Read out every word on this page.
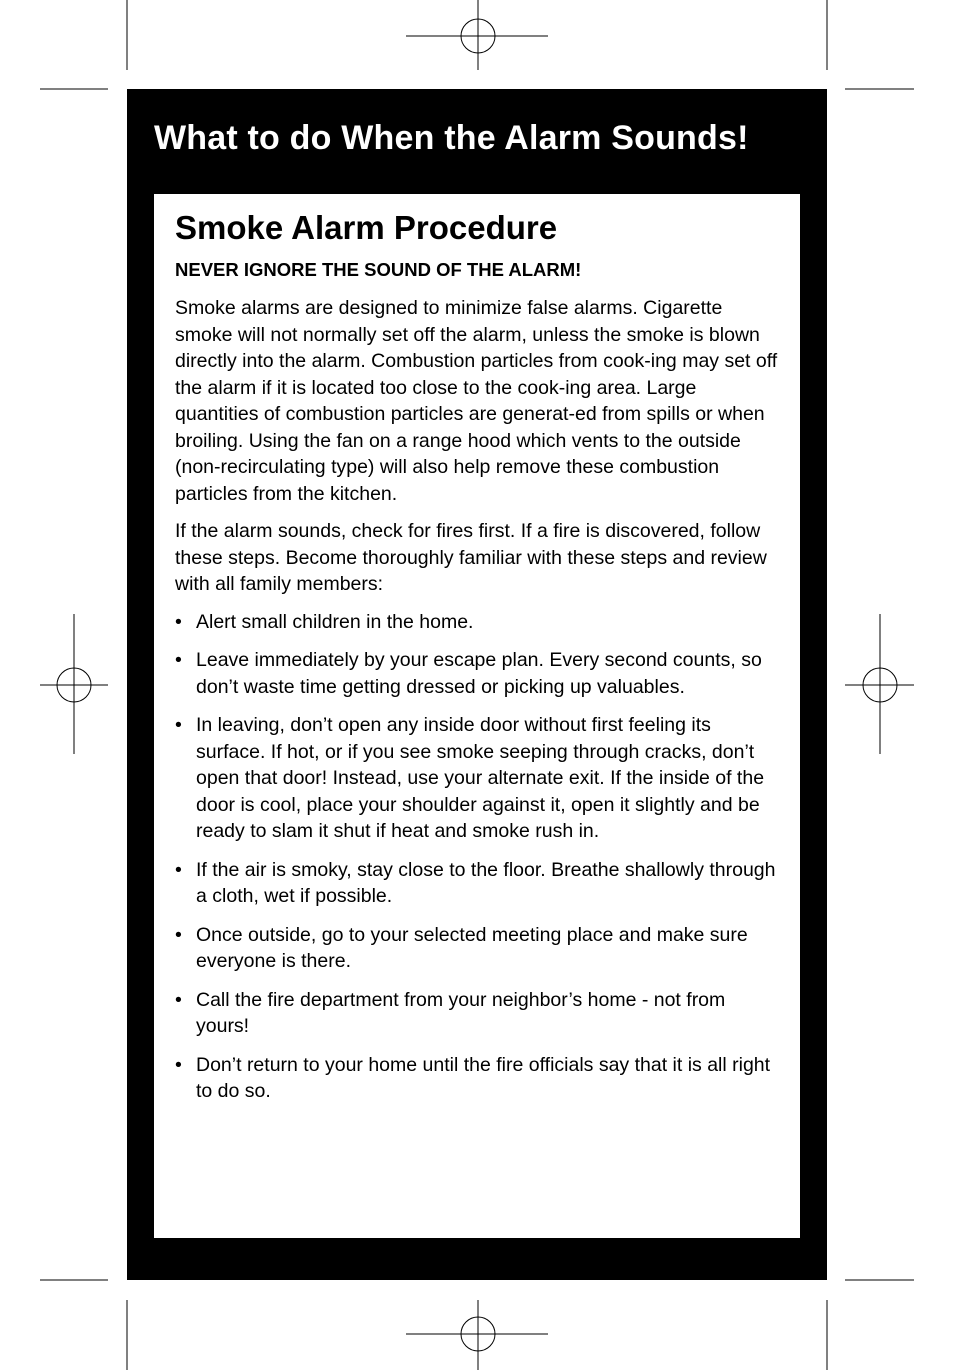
What to do When the Alarm Sounds!
Smoke Alarm Procedure

NEVER IGNORE THE SOUND OF THE ALARM!

Smoke alarms are designed to minimize false alarms. Cigarette smoke will not normally set off the alarm, unless the smoke is blown directly into the alarm. Combustion particles from cook-ing may set off the alarm if it is located too close to the cook-ing area. Large quantities of combustion particles are generat-ed from spills or when broiling. Using the fan on a range hood which vents to the outside (non-recirculating type) will also help remove these combustion particles from the kitchen.

If the alarm sounds, check for fires first. If a fire is discovered, follow these steps. Become thoroughly familiar with these steps and review with all family members:

• Alert small children in the home.
• Leave immediately by your escape plan. Every second counts, so don’t waste time getting dressed or picking up valuables.
• In leaving, don’t open any inside door without first feeling its surface. If hot, or if you see smoke seeping through cracks, don’t open that door! Instead, use your alternate exit. If the inside of the door is cool, place your shoulder against it, open it slightly and be ready to slam it shut if heat and smoke rush in.
• If the air is smoky, stay close to the floor. Breathe shallowly through a cloth, wet if possible.
• Once outside, go to your selected meeting place and make sure everyone is there.
• Call the fire department from your neighbor’s home - not from yours!
• Don’t return to your home until the fire officials say that it is all right to do so.
